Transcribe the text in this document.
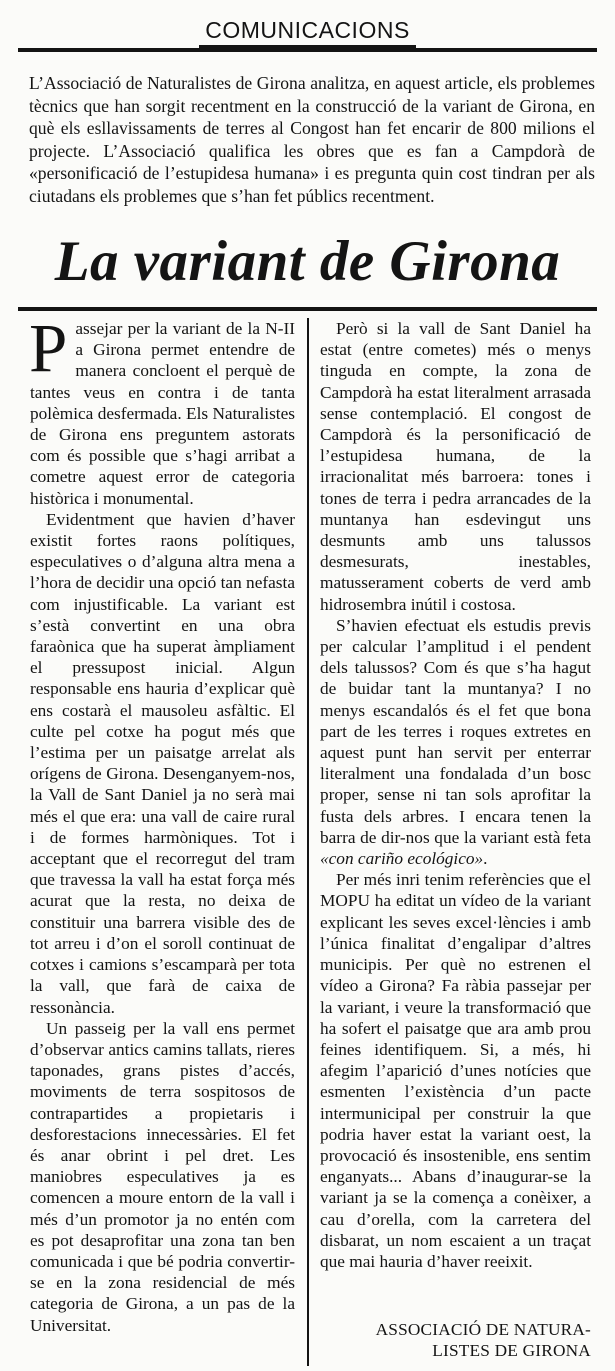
COMUNICACIONS
L’Associació de Naturalistes de Girona analitza, en aquest article, els problemes tècnics que han sorgit recentment en la construcció de la variant de Girona, en què els esllavissaments de terres al Congost han fet encarir de 800 milions el projecte. L’Associació qualifica les obres que es fan a Campdorà de «personificació de l’estupidesa humana» i es pregunta quin cost tindran per als ciutadans els problemes que s’han fet públics recentment.
La variant de Girona

Passejar per la variant de la N-II a Girona permet entendre de manera concloent el perquè de tantes veus en contra i de tanta polèmica desfermada. Els Naturalistes de Girona ens preguntem astorats com és possible que s’hagi arribat a cometre aquest error de categoria històrica i monumental.

Evidentment que havien d’haver existit fortes raons polítiques, especulatives o d’alguna altra mena a l’hora de decidir una opció tan nefasta com injustificable. La variant est s’està convertint en una obra faraònica que ha superat àmpliament el pressupost inicial. Algun responsable ens hauria d’explicar què ens costarà el mausoleu asfàltic. El culte pel cotxe ha pogut més que l’estima per un paisatge arrelat als orígens de Girona. Desenganyem-nos, la Vall de Sant Daniel ja no serà mai més el que era: una vall de caire rural i de formes harmòniques. Tot i acceptant que el recorregut del tram que travessa la vall ha estat força més acurat que la resta, no deixa de constituir una barrera visible des de tot arreu i d’on el soroll continuat de cotxes i camions s’escamparà per tota la vall, que farà de caixa de ressonància.

Un passeig per la vall ens permet d’observar antics camins tallats, rieres taponades, grans pistes d’accés, moviments de terra sospitosos de contrapartides a propietaris i desforestacions innecessàries. El fet és anar obrint i pel dret. Les maniobres especulatives ja es comencen a moure entorn de la vall i més d’un promotor ja no entén com es pot desaprofitar una zona tan ben comunicada i que bé podria convertir-se en la zona residencial de més categoria de Girona, a un pas de la Universitat.

Però si la vall de Sant Daniel ha estat (entre cometes) més o menys tinguda en compte, la zona de Campdorà ha estat literalment arrasada sense contemplació. El congost de Campdorà és la personificació de l’estupidesa humana, de la irracionalitat més barroera: tones i tones de terra i pedra arrancades de la muntanya han esdevingut uns desmunts amb uns talussos desmesurats, inestables, matusserament coberts de verd amb hidrosembra inútil i costosa.

S’havien efectuat els estudis previs per calcular l’amplitud i el pendent dels talussos? Com és que s’ha hagut de buidar tant la muntanya? I no menys escandalós és el fet que bona part de les terres i roques extretes en aquest punt han servit per enterrar literalment una fondalada d’un bosc proper, sense ni tan sols aprofitar la fusta dels arbres. I encara tenen la barra de dir-nos que la variant està feta «con cariño ecológico».

Per més inri tenim referències que el MOPU ha editat un vídeo de la variant explicant les seves excel·lències i amb l’única finalitat d’engalipar d’altres municipis. Per què no estrenen el vídeo a Girona? Fa ràbia passejar per la variant, i veure la transformació que ha sofert el paisatge que ara amb prou feines identifiquem. Si, a més, hi afegim l’aparició d’unes notícies que esmenten l’existència d’un pacte intermunicipal per construir la que podria haver estat la variant oest, la provocació és insostenible, ens sentim enganyats... Abans d’inaugurar-se la variant ja se la comença a conèixer, a cau d’orella, com la carretera del disbarat, un nom escaient a un traçat que mai hauria d’haver reeixit.

ASSOCIACIÓ DE NATURA-
LISTES DE GIRONA
